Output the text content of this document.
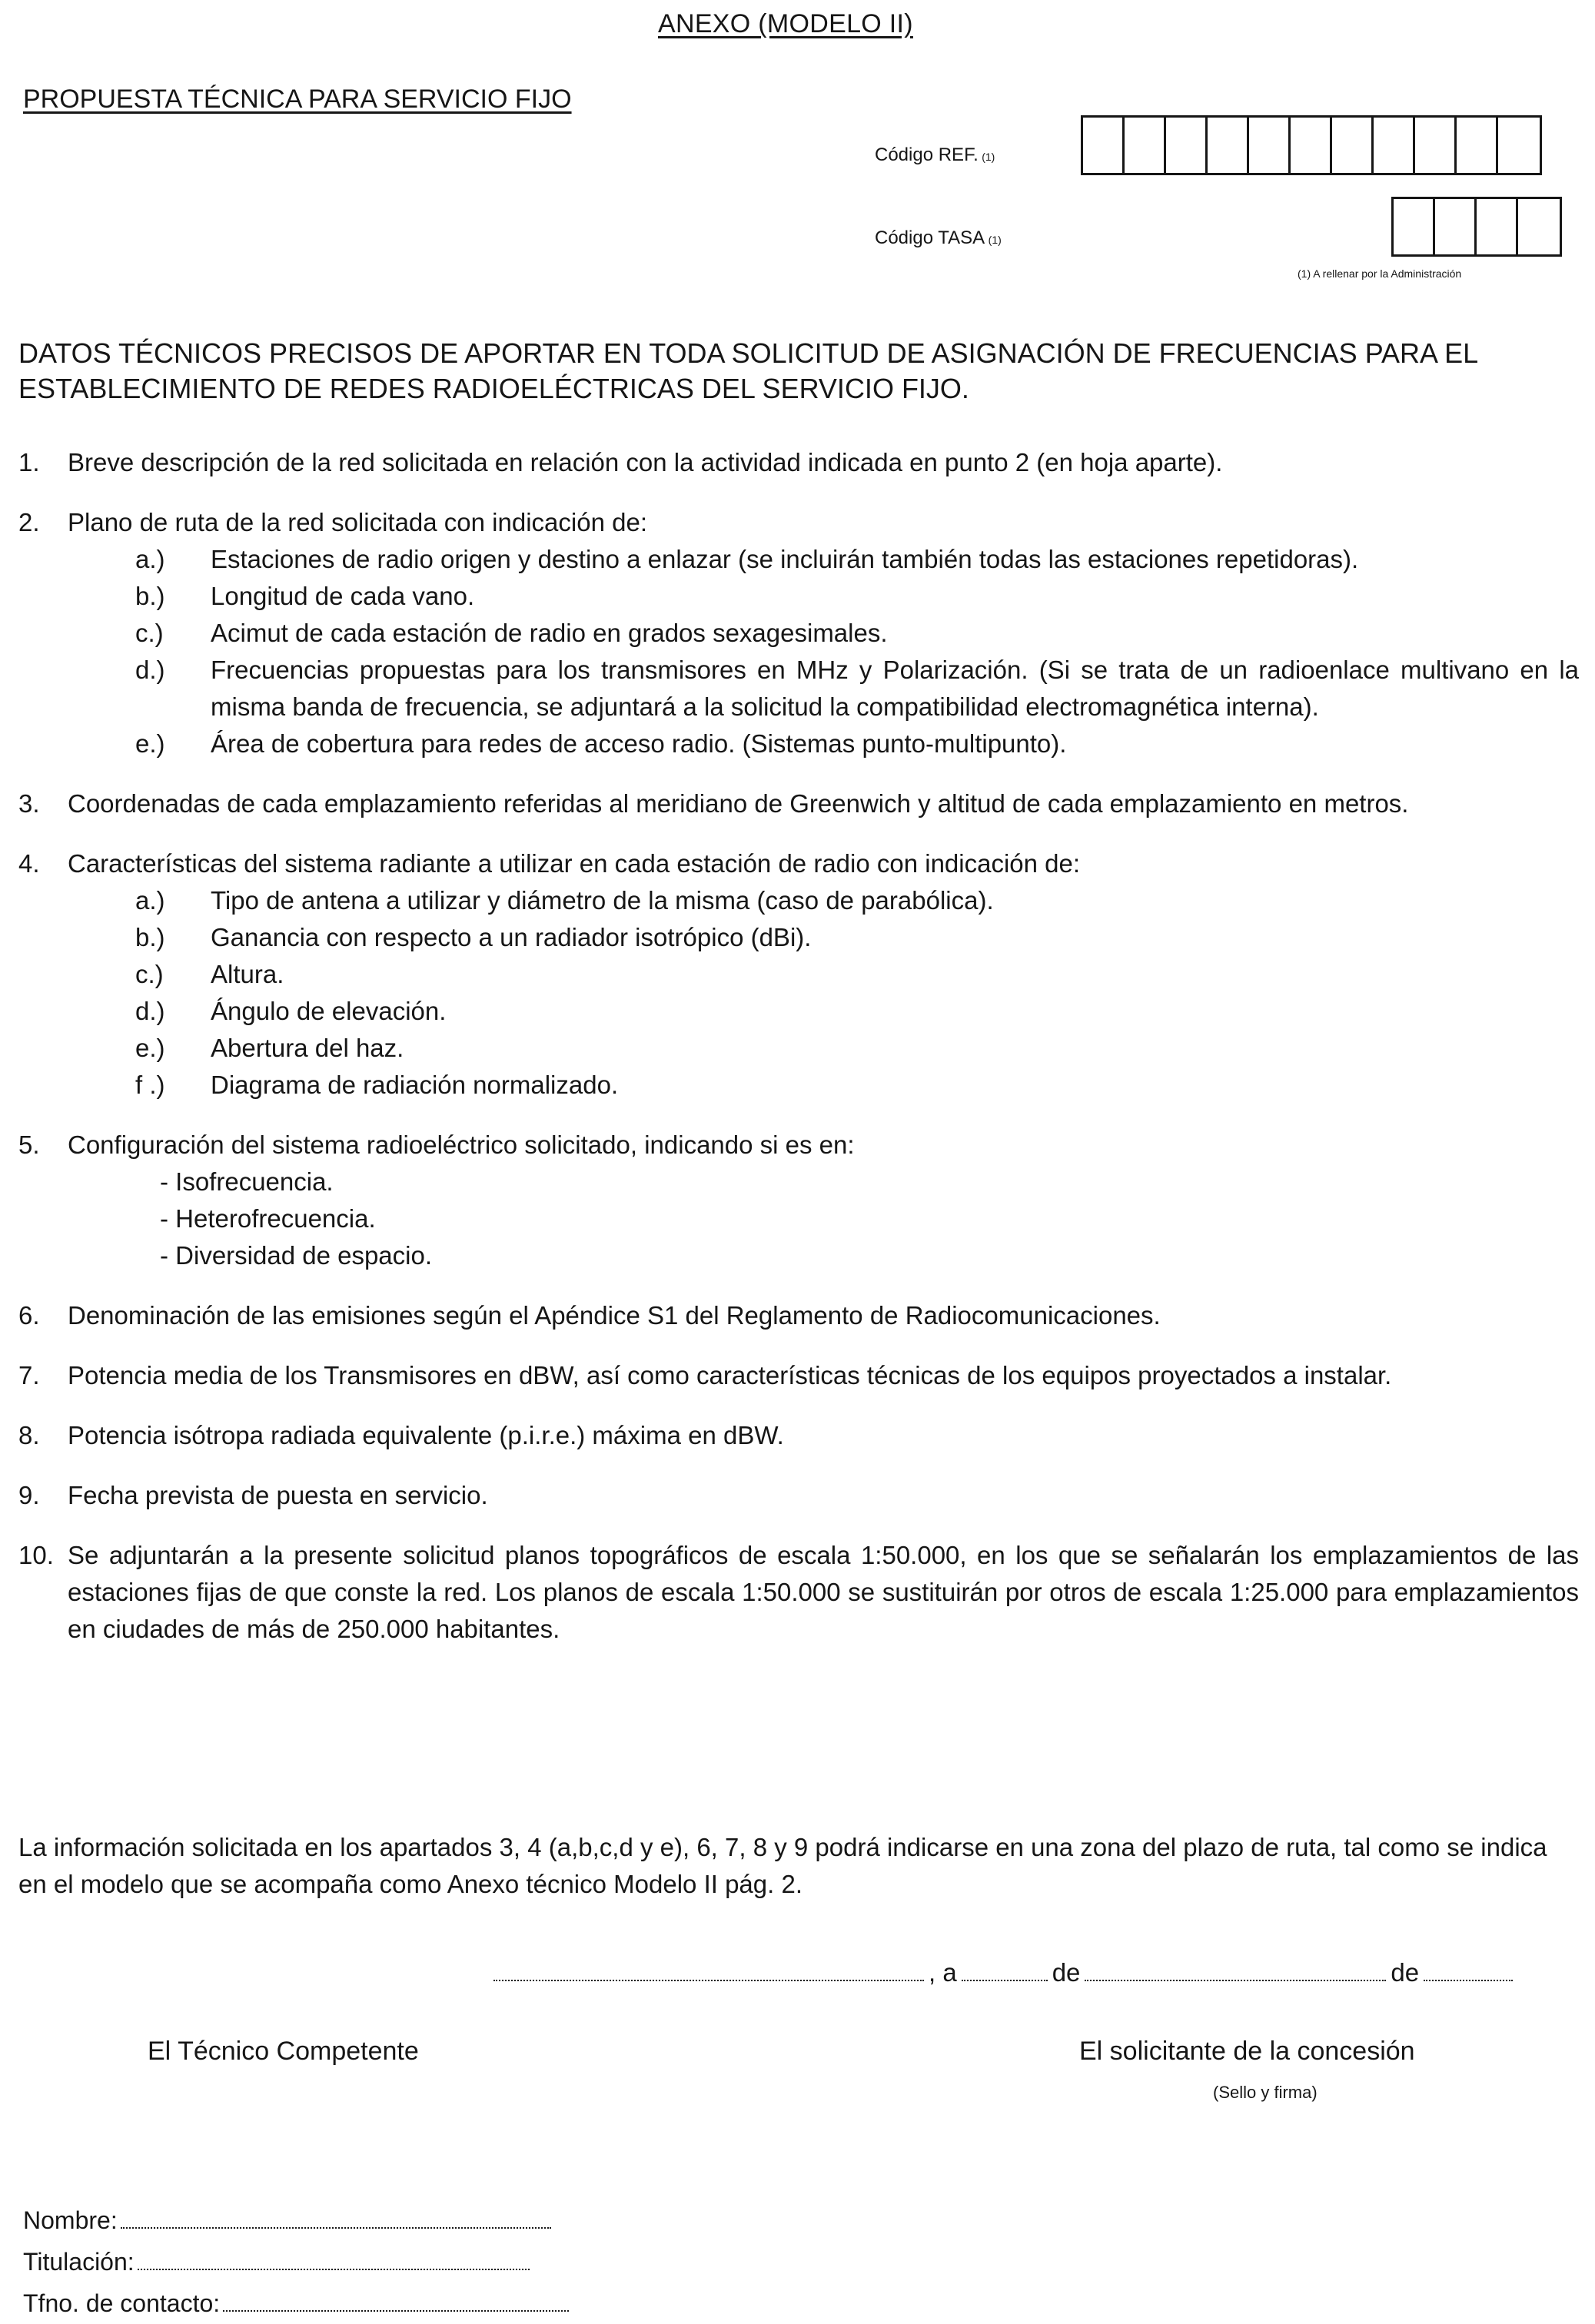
ANEXO (MODELO II)
PROPUESTA TÉCNICA PARA SERVICIO FIJO
Código REF. (1)
Código TASA (1)
(1) A rellenar por la Administración
DATOS TÉCNICOS PRECISOS DE APORTAR EN TODA SOLICITUD DE ASIGNACIÓN DE FRECUENCIAS PARA EL ESTABLECIMIENTO DE REDES RADIOELÉCTRICAS DEL SERVICIO FIJO.
1. Breve descripción de la red solicitada en relación con la actividad indicada en punto 2 (en hoja aparte).
2. Plano de ruta de la red solicitada con indicación de:
a.) Estaciones de radio origen y destino a enlazar (se incluirán también todas las estaciones repetidoras).
b.) Longitud de cada vano.
c.) Acimut de cada estación de radio en grados sexagesimales.
d.) Frecuencias propuestas para los transmisores en MHz y Polarización. (Si se trata de un radioenlace multivano en la misma banda de frecuencia, se adjuntará a la solicitud la compatibilidad electromagnética interna).
e.) Área de cobertura para redes de acceso radio. (Sistemas punto-multipunto).
3. Coordenadas de cada emplazamiento referidas al meridiano de Greenwich y altitud de cada emplazamiento en metros.
4. Características del sistema radiante a utilizar en cada estación de radio con indicación de:
a.) Tipo de antena a utilizar y diámetro de la misma (caso de parabólica).
b.) Ganancia con respecto a un radiador isotrópico (dBi).
c.) Altura.
d.) Ángulo de elevación.
e.) Abertura del haz.
f .) Diagrama de radiación normalizado.
5. Configuración del sistema radioeléctrico solicitado, indicando si es en:
- Isofrecuencia.
- Heterofrecuencia.
- Diversidad de espacio.
6. Denominación de las emisiones según el Apéndice S1 del Reglamento de Radiocomunicaciones.
7. Potencia media de los Transmisores en dBW, así como características técnicas de los equipos proyectados a instalar.
8. Potencia isótropa radiada equivalente (p.i.r.e.) máxima en dBW.
9. Fecha prevista de puesta en servicio.
10. Se adjuntarán a la presente solicitud planos topográficos de escala 1:50.000, en los que se señalarán los emplazamientos de las estaciones fijas de que conste la red. Los planos de escala 1:50.000 se sustituirán por otros de escala 1:25.000 para emplazamientos en ciudades de más de 250.000 habitantes.
La información solicitada en los apartados 3, 4 (a,b,c,d y e), 6, 7, 8 y 9 podrá indicarse en una zona del plazo de ruta, tal como se indica en el modelo que se acompaña como Anexo técnico Modelo II pág. 2.
, a	de	de
El Técnico Competente	El solicitante de la concesión
(Sello y firma)
Nombre:
Titulación:
Tfno. de contacto:
